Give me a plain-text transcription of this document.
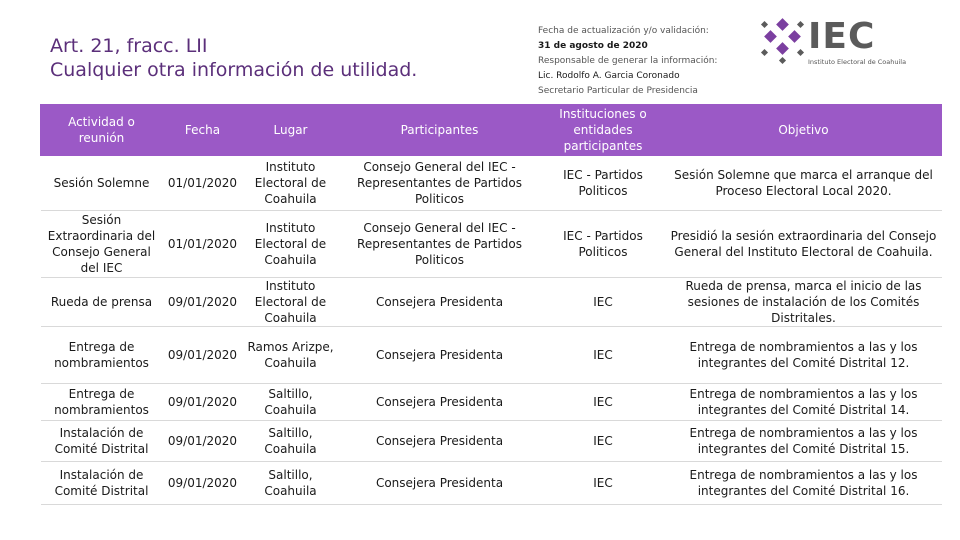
Art. 21, fracc. LII
Cualquier otra información de utilidad.
Fecha de actualización y/o validación:
31 de agosto de 2020
Responsable de generar la información:
Lic. Rodolfo A. Garcia Coronado
Secretario Particular de Presidencia
IEC
Instituto Electoral de Coahuila
Actividad o reunión	Fecha	Lugar	Participantes	Instituciones o entidades participantes	Objetivo
Sesión Solemne	01/01/2020	Instituto Electoral de Coahuila	Consejo General del IEC - Representantes de Partidos Politicos	IEC - Partidos Politicos	Sesión Solemne que marca el arranque del Proceso Electoral Local 2020.
Sesión Extraordinaria del Consejo General del IEC	01/01/2020	Instituto Electoral de Coahuila	Consejo General del IEC - Representantes de Partidos Politicos	IEC - Partidos Politicos	Presidió la sesión extraordinaria del Consejo General del Instituto Electoral de Coahuila.
Rueda de prensa	09/01/2020	Instituto Electoral de Coahuila	Consejera Presidenta	IEC	Rueda de prensa, marca el inicio de las sesiones de instalación de los Comités Distritales.
Entrega de nombramientos	09/01/2020	Ramos Arizpe, Coahuila	Consejera Presidenta	IEC	Entrega de nombramientos a las y los integrantes del Comité Distrital 12.
Entrega de nombramientos	09/01/2020	Saltillo, Coahuila	Consejera Presidenta	IEC	Entrega de nombramientos a las y los integrantes del Comité Distrital 14.
Instalación de Comité Distrital	09/01/2020	Saltillo, Coahuila	Consejera Presidenta	IEC	Entrega de nombramientos a las y los integrantes del Comité Distrital 15.
Instalación de Comité Distrital	09/01/2020	Saltillo, Coahuila	Consejera Presidenta	IEC	Entrega de nombramientos a las y los integrantes del Comité Distrital 16.
